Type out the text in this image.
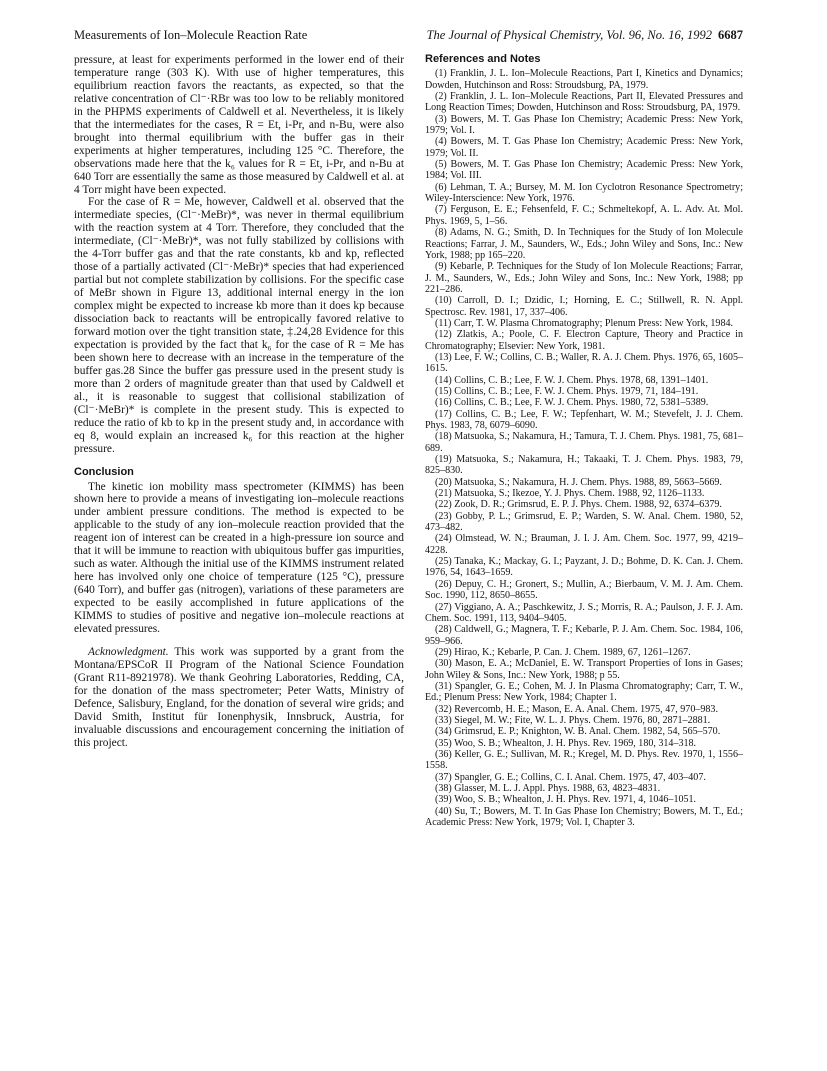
Measurements of Ion–Molecule Reaction Rate	The Journal of Physical Chemistry, Vol. 96, No. 16, 1992 6687

pressure, at least for experiments performed in the lower end of their temperature range (303 K). With use of higher temperatures, this equilibrium reaction favors the reactants, as expected, so that the relative concentration of Cl⁻·RBr was too low to be reliably monitored in the PHPMS experiments of Caldwell et al. Nevertheless, it is likely that the intermediates for the cases, R = Et, i-Pr, and n-Bu, were also brought into thermal equilibrium with the buffer gas in their experiments at higher temperatures, including 125 °C. Therefore, the observations made here that the k₆ values for R = Et, i-Pr, and n-Bu at 640 Torr are essentially the same as those measured by Caldwell et al. at 4 Torr might have been expected.

For the case of R = Me, however, Caldwell et al. observed that the intermediate species, (Cl⁻·MeBr)*, was never in thermal equilibrium with the reaction system at 4 Torr. Therefore, they concluded that the intermediate, (Cl⁻·MeBr)*, was not fully stabilized by collisions with the 4-Torr buffer gas and that the rate constants, kb and kp, reflected those of a partially activated (Cl⁻·MeBr)* species that had experienced partial but not complete stabilization by collisions. For the specific case of MeBr shown in Figure 13, additional internal energy in the ion complex might be expected to increase kb more than it does kp because dissociation back to reactants will be entropically favored relative to forward motion over the tight transition state, ‡.24,28 Evidence for this expectation is provided by the fact that k₆ for the case of R = Me has been shown here to decrease with an increase in the temperature of the buffer gas.28 Since the buffer gas pressure used in the present study is more than 2 orders of magnitude greater than that used by Caldwell et al., it is reasonable to suggest that collisional stabilization of (Cl⁻·MeBr)* is complete in the present study. This is expected to reduce the ratio of kb to kp in the present study and, in accordance with eq 8, would explain an increased k₆ for this reaction at the higher pressure.

Conclusion

The kinetic ion mobility mass spectrometer (KIMMS) has been shown here to provide a means of investigating ion–molecule reactions under ambient pressure conditions. The method is expected to be applicable to the study of any ion–molecule reaction provided that the reagent ion of interest can be created in a high-pressure ion source and that it will be immune to reaction with ubiquitous buffer gas impurities, such as water. Although the initial use of the KIMMS instrument related here has involved only one choice of temperature (125 °C), pressure (640 Torr), and buffer gas (nitrogen), variations of these parameters are expected to be easily accomplished in future applications of the KIMMS to studies of positive and negative ion–molecule reactions at elevated pressures.

Acknowledgment. This work was supported by a grant from the Montana/EPSCoR II Program of the National Science Foundation (Grant R11-8921978). We thank Geohring Laboratories, Redding, CA, for the donation of the mass spectrometer; Peter Watts, Ministry of Defence, Salisbury, England, for the donation of several wire grids; and David Smith, Institut für Ionenphysik, Innsbruck, Austria, for invaluable discussions and encouragement concerning the initiation of this project.

References and Notes

(1) Franklin, J. L. Ion–Molecule Reactions, Part I, Kinetics and Dynamics; Dowden, Hutchinson and Ross: Stroudsburg, PA, 1979.

(2) Franklin, J. L. Ion–Molecule Reactions, Part II, Elevated Pressures and Long Reaction Times; Dowden, Hutchinson and Ross: Stroudsburg, PA, 1979.

(3) Bowers, M. T. Gas Phase Ion Chemistry; Academic Press: New York, 1979; Vol. I.

(4) Bowers, M. T. Gas Phase Ion Chemistry; Academic Press: New York, 1979; Vol. II.

(5) Bowers, M. T. Gas Phase Ion Chemistry; Academic Press: New York, 1984; Vol. III.

(6) Lehman, T. A.; Bursey, M. M. Ion Cyclotron Resonance Spectrometry; Wiley-Interscience: New York, 1976.

(7) Ferguson, E. E.; Fehsenfeld, F. C.; Schmeltekopf, A. L. Adv. At. Mol. Phys. 1969, 5, 1–56.

(8) Adams, N. G.; Smith, D. In Techniques for the Study of Ion Molecule Reactions; Farrar, J. M., Saunders, W., Eds.; John Wiley and Sons, Inc.: New York, 1988; pp 165–220.

(9) Kebarle, P. Techniques for the Study of Ion Molecule Reactions; Farrar, J. M., Saunders, W., Eds.; John Wiley and Sons, Inc.: New York, 1988; pp 221–286.

(10) Carroll, D. I.; Dzidic, I.; Horning, E. C.; Stillwell, R. N. Appl. Spectrosc. Rev. 1981, 17, 337–406.

(11) Carr, T. W. Plasma Chromatography; Plenum Press: New York, 1984.

(12) Zlatkis, A.; Poole, C. F. Electron Capture, Theory and Practice in Chromatography; Elsevier: New York, 1981.

(13) Lee, F. W.; Collins, C. B.; Waller, R. A. J. Chem. Phys. 1976, 65, 1605–1615.

(14) Collins, C. B.; Lee, F. W. J. Chem. Phys. 1978, 68, 1391–1401.

(15) Collins, C. B.; Lee, F. W. J. Chem. Phys. 1979, 71, 184–191.

(16) Collins, C. B.; Lee, F. W. J. Chem. Phys. 1980, 72, 5381–5389.

(17) Collins, C. B.; Lee, F. W.; Tepfenhart, W. M.; Stevefelt, J. J. Chem. Phys. 1983, 78, 6079–6090.

(18) Matsuoka, S.; Nakamura, H.; Tamura, T. J. Chem. Phys. 1981, 75, 681–689.

(19) Matsuoka, S.; Nakamura, H.; Takaaki, T. J. Chem. Phys. 1983, 79, 825–830.

(20) Matsuoka, S.; Nakamura, H. J. Chem. Phys. 1988, 89, 5663–5669.

(21) Matsuoka, S.; Ikezoe, Y. J. Phys. Chem. 1988, 92, 1126–1133.

(22) Zook, D. R.; Grimsrud, E. P. J. Phys. Chem. 1988, 92, 6374–6379.

(23) Gobby, P. L.; Grimsrud, E. P.; Warden, S. W. Anal. Chem. 1980, 52, 473–482.

(24) Olmstead, W. N.; Brauman, J. I. J. Am. Chem. Soc. 1977, 99, 4219–4228.

(25) Tanaka, K.; Mackay, G. I.; Payzant, J. D.; Bohme, D. K. Can. J. Chem. 1976, 54, 1643–1659.

(26) Depuy, C. H.; Gronert, S.; Mullin, A.; Bierbaum, V. M. J. Am. Chem. Soc. 1990, 112, 8650–8655.

(27) Viggiano, A. A.; Paschkewitz, J. S.; Morris, R. A.; Paulson, J. F. J. Am. Chem. Soc. 1991, 113, 9404–9405.

(28) Caldwell, G.; Magnera, T. F.; Kebarle, P. J. Am. Chem. Soc. 1984, 106, 959–966.

(29) Hirao, K.; Kebarle, P. Can. J. Chem. 1989, 67, 1261–1267.

(30) Mason, E. A.; McDaniel, E. W. Transport Properties of Ions in Gases; John Wiley & Sons, Inc.: New York, 1988; p 55.

(31) Spangler, G. E.; Cohen, M. J. In Plasma Chromatography; Carr, T. W., Ed.; Plenum Press: New York, 1984; Chapter 1.

(32) Revercomb, H. E.; Mason, E. A. Anal. Chem. 1975, 47, 970–983.

(33) Siegel, M. W.; Fite, W. L. J. Phys. Chem. 1976, 80, 2871–2881.

(34) Grimsrud, E. P.; Knighton, W. B. Anal. Chem. 1982, 54, 565–570.

(35) Woo, S. B.; Whealton, J. H. Phys. Rev. 1969, 180, 314–318.

(36) Keller, G. E.; Sullivan, M. R.; Kregel, M. D. Phys. Rev. 1970, 1, 1556–1558.

(37) Spangler, G. E.; Collins, C. I. Anal. Chem. 1975, 47, 403–407.

(38) Glasser, M. L. J. Appl. Phys. 1988, 63, 4823–4831.

(39) Woo, S. B.; Whealton, J. H. Phys. Rev. 1971, 4, 1046–1051.

(40) Su, T.; Bowers, M. T. In Gas Phase Ion Chemistry; Bowers, M. T., Ed.; Academic Press: New York, 1979; Vol. I, Chapter 3.
